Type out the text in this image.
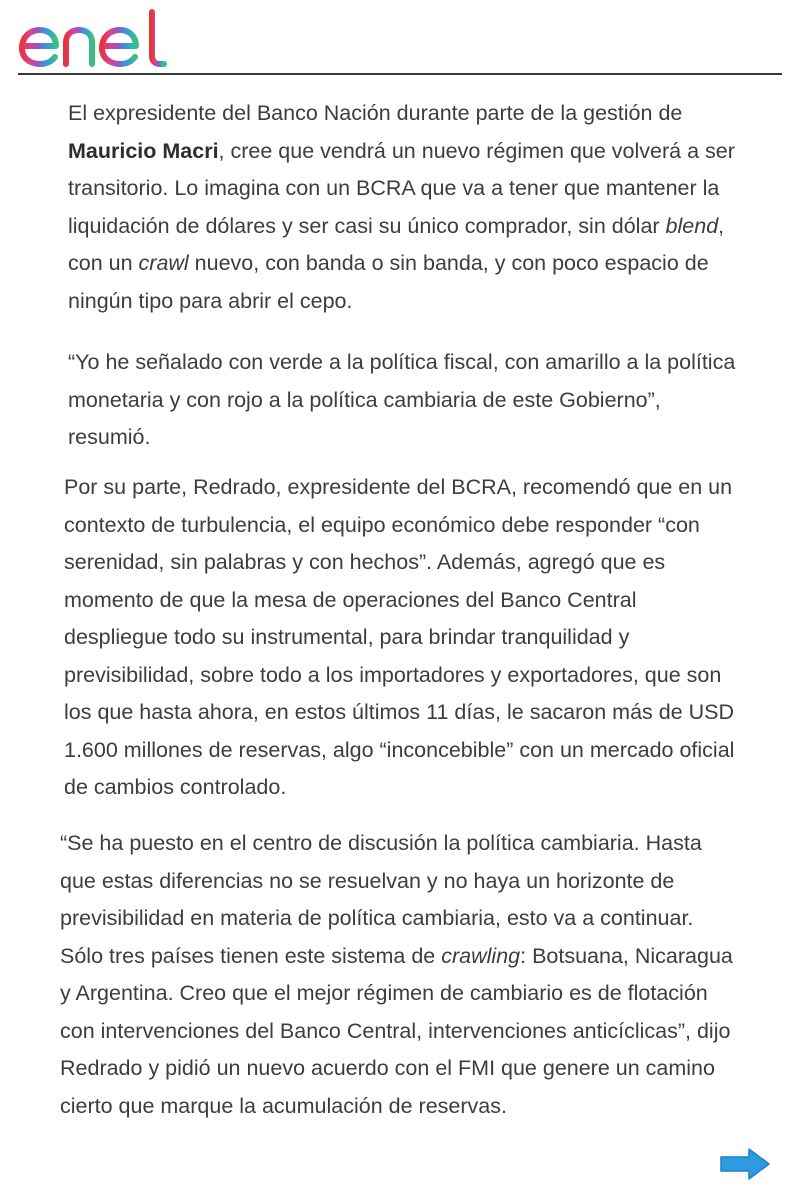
El expresidente del Banco Nación durante parte de la gestión de
Mauricio Macri, cree que vendrá un nuevo régimen que volverá a ser
transitorio. Lo imagina con un BCRA que va a tener que mantener la
liquidación de dólares y ser casi su único comprador, sin dólar blend,
con un crawl nuevo, con banda o sin banda, y con poco espacio de
ningún tipo para abrir el cepo.
“Yo he señalado con verde a la política fiscal, con amarillo a la política
monetaria y con rojo a la política cambiaria de este Gobierno”,
resumió.
Por su parte, Redrado, expresidente del BCRA, recomendó que en un
contexto de turbulencia, el equipo económico debe responder “con
serenidad, sin palabras y con hechos”. Además, agregó que es
momento de que la mesa de operaciones del Banco Central
despliegue todo su instrumental, para brindar tranquilidad y
previsibilidad, sobre todo a los importadores y exportadores, que son
los que hasta ahora, en estos últimos 11 días, le sacaron más de USD
1.600 millones de reservas, algo “inconcebible” con un mercado oficial
de cambios controlado.
“Se ha puesto en el centro de discusión la política cambiaria. Hasta
que estas diferencias no se resuelvan y no haya un horizonte de
previsibilidad en materia de política cambiaria, esto va a continuar.
Sólo tres países tienen este sistema de crawling: Botsuana, Nicaragua
y Argentina. Creo que el mejor régimen de cambiario es de flotación
con intervenciones del Banco Central, intervenciones anticíclicas”, dijo
Redrado y pidió un nuevo acuerdo con el FMI que genere un camino
cierto que marque la acumulación de reservas.
